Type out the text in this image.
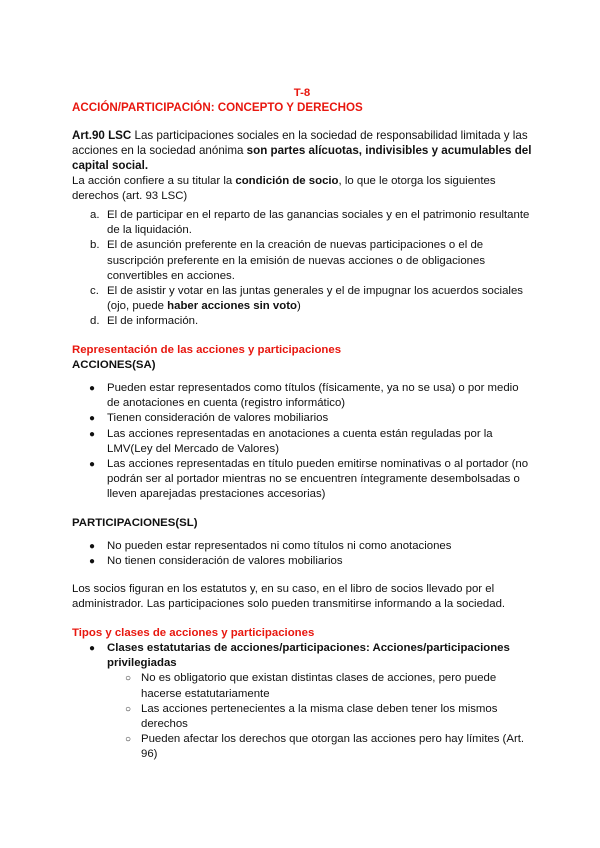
T-8

ACCIÓN/PARTICIPACIÓN: CONCEPTO Y DERECHOS

Art.90 LSC Las participaciones sociales en la sociedad de responsabilidad limitada y las acciones en la sociedad anónima son partes alícuotas, indivisibles y acumulables del capital social.

La acción confiere a su titular la condición de socio, lo que le otorga los siguientes derechos (art. 93 LSC)

a. El de participar en el reparto de las ganancias sociales y en el patrimonio resultante de la liquidación.
b. El de asunción preferente en la creación de nuevas participaciones o el de suscripción preferente en la emisión de nuevas acciones o de obligaciones convertibles en acciones.
c. El de asistir y votar en las juntas generales y el de impugnar los acuerdos sociales (ojo, puede haber acciones sin voto)
d. El de información.

Representación de las acciones y participaciones

ACCIONES(SA)

● Pueden estar representados como títulos (físicamente, ya no se usa) o por medio de anotaciones en cuenta (registro informático)
● Tienen consideración de valores mobiliarios
● Las acciones representadas en anotaciones a cuenta están reguladas por la LMV(Ley del Mercado de Valores)
● Las acciones representadas en título pueden emitirse nominativas o al portador (no podrán ser al portador mientras no se encuentren íntegramente desembolsadas o lleven aparejadas prestaciones accesorias)

PARTICIPACIONES(SL)

● No pueden estar representados ni como títulos ni como anotaciones
● No tienen consideración de valores mobiliarios

Los socios figuran en los estatutos y, en su caso, en el libro de socios llevado por el administrador. Las participaciones solo pueden transmitirse informando a la sociedad.

Tipos y clases de acciones y participaciones

● Clases estatutarias de acciones/participaciones: Acciones/participaciones privilegiadas
○ No es obligatorio que existan distintas clases de acciones, pero puede hacerse estatutariamente
○ Las acciones pertenecientes a la misma clase deben tener los mismos derechos
○ Pueden afectar los derechos que otorgan las acciones pero hay límites (Art. 96)
